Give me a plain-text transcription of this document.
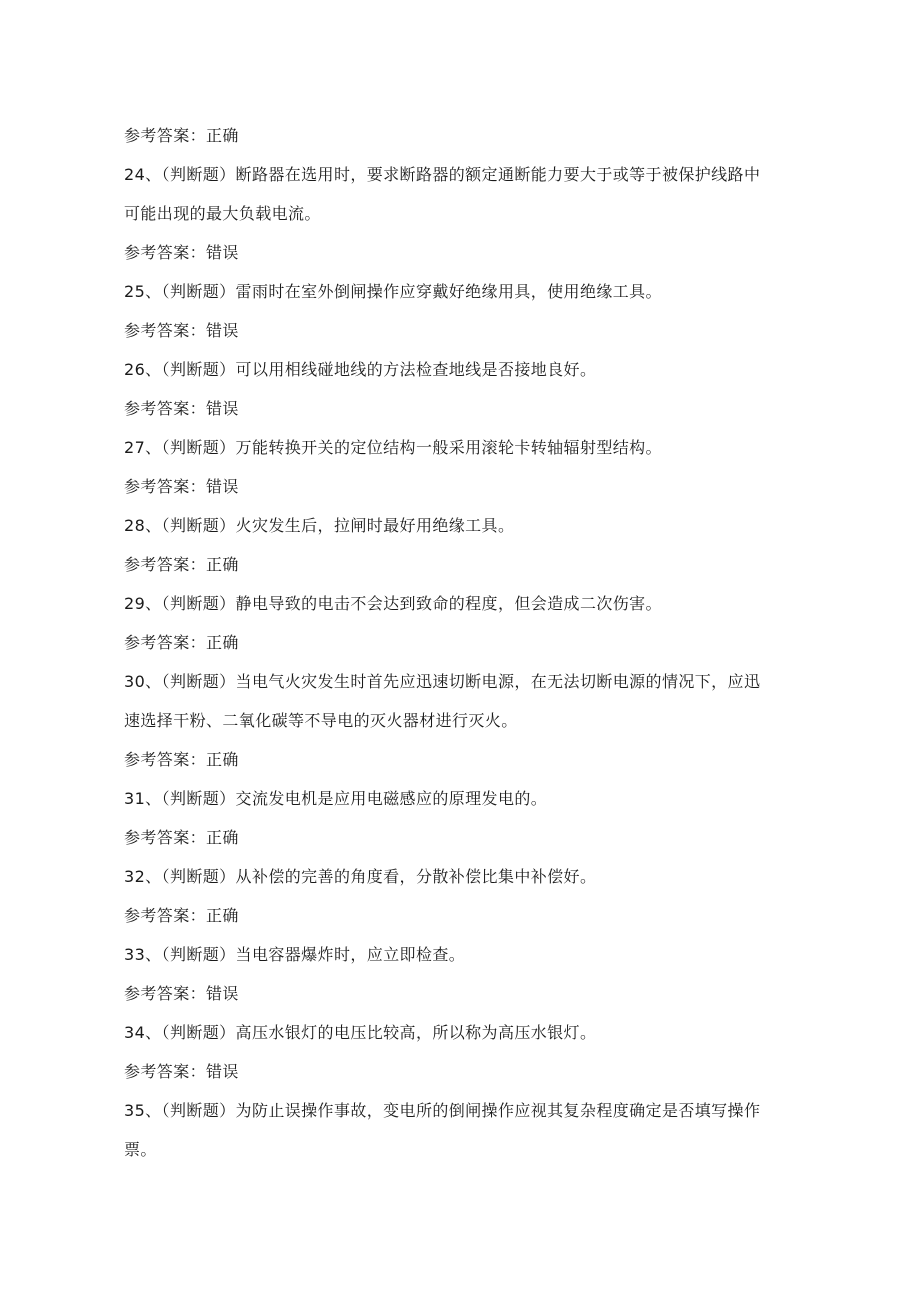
参考答案：正确
24、（判断题）断路器在选用时，要求断路器的额定通断能力要大于或等于被保护线路中
可能出现的最大负载电流。
参考答案：错误
25、（判断题）雷雨时在室外倒闸操作应穿戴好绝缘用具，使用绝缘工具。
参考答案：错误
26、（判断题）可以用相线碰地线的方法检查地线是否接地良好。
参考答案：错误
27、（判断题）万能转换开关的定位结构一般采用滚轮卡转轴辐射型结构。
参考答案：错误
28、（判断题）火灾发生后，拉闸时最好用绝缘工具。
参考答案：正确
29、（判断题）静电导致的电击不会达到致命的程度，但会造成二次伤害。
参考答案：正确
30、（判断题）当电气火灾发生时首先应迅速切断电源，在无法切断电源的情况下，应迅
速选择干粉、二氧化碳等不导电的灭火器材进行灭火。
参考答案：正确
31、（判断题）交流发电机是应用电磁感应的原理发电的。
参考答案：正确
32、（判断题）从补偿的完善的角度看，分散补偿比集中补偿好。
参考答案：正确
33、（判断题）当电容器爆炸时，应立即检查。
参考答案：错误
34、（判断题）高压水银灯的电压比较高，所以称为高压水银灯。
参考答案：错误
35、（判断题）为防止误操作事故，变电所的倒闸操作应视其复杂程度确定是否填写操作
票。
